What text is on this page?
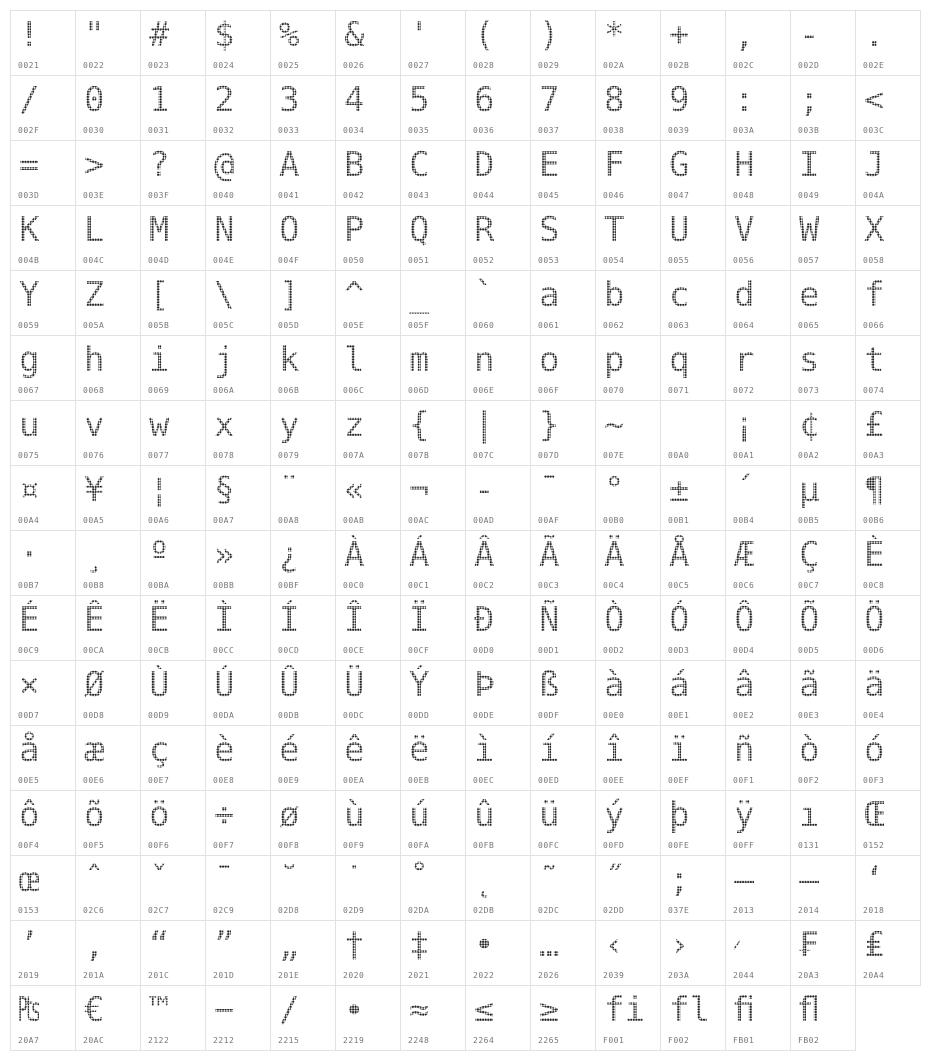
!
0021
"
0022
#
0023
$
0024
%
0025
&
0026
'
0027
(
0028
)
0029
*
002A
+
002B
,
002C
-
002D
.
002E
/
002F
0
0030
1
0031
2
0032
3
0033
4
0034
5
0035
6
0036
7
0037
8
0038
9
0039
:
003A
;
003B
<
003C
=
003D
>
003E
?
003F
@
0040
A
0041
B
0042
C
0043
D
0044
E
0045
F
0046
G
0047
H
0048
I
0049
J
004A
K
004B
L
004C
M
004D
N
004E
O
004F
P
0050
Q
0051
R
0052
S
0053
T
0054
U
0055
V
0056
W
0057
X
0058
Y
0059
Z
005A
[
005B
\
005C
]
005D
^
005E
_
005F
`
0060
a
0061
b
0062
c
0063
d
0064
e
0065
f
0066
g
0067
h
0068
i
0069
j
006A
k
006B
l
006C
m
006D
n
006E
o
006F
p
0070
q
0071
r
0072
s
0073
t
0074
u
0075
v
0076
w
0077
x
0078
y
0079
z
007A
{
007B
|
007C
}
007D
~
007E	00A0
¡
00A1
¢
00A2
£
00A3
¤
00A4
¥
00A5
¦
00A6
§
00A7
¨
00A8
«
00AB
¬
00AC
-
00AD
¯
00AF
°
00B0
±
00B1
´
00B4
µ
00B5
¶
00B6
·
00B7
¸
00B8
º
00BA
»
00BB
¿
00BF
À
00C0
Á
00C1
Â
00C2
Ã
00C3
Ä
00C4
Å
00C5
Æ
00C6
Ç
00C7
È
00C8
É
00C9
Ê
00CA
Ë
00CB
Ì
00CC
Í
00CD
Î
00CE
Ï
00CF
Ð
00D0
Ñ
00D1
Ò
00D2
Ó
00D3
Ô
00D4
Õ
00D5
Ö
00D6
×
00D7
Ø
00D8
Ù
00D9
Ú
00DA
Û
00DB
Ü
00DC
Ý
00DD
Þ
00DE
ß
00DF
à
00E0
á
00E1
â
00E2
ã
00E3
ä
00E4
å
00E5
æ
00E6
ç
00E7
è
00E8
é
00E9
ê
00EA
ë
00EB
ì
00EC
í
00ED
î
00EE
ï
00EF
ñ
00F1
ò
00F2
ó
00F3
ô
00F4
õ
00F5
ö
00F6
÷
00F7
ø
00F8
ù
00F9
ú
00FA
û
00FB
ü
00FC
ý
00FD
þ
00FE
ÿ
00FF
ı
0131
Œ
0152
œ
0153
ˆ
02C6
ˇ
02C7
ˉ
02C9
˘
02D8
˙
02D9
˚
02DA
˛
02DB
˜
02DC
˝
02DD
;
037E
–
2013
—
2014
‘
2018
’
2019
‚
201A
“
201C
”
201D
„
201E
†
2020
‡
2021
•
2022
…
2026
‹
2039
›
203A
⁄
2044
₣
20A3
₤
20A4
₧
20A7
€
20AC
™
2122
−
2212
∕
2215
∙
2219
≈
2248
≤
2264
≥
2265
fi
F001
fl
F002
ﬁ
FB01
ﬂ
FB02
